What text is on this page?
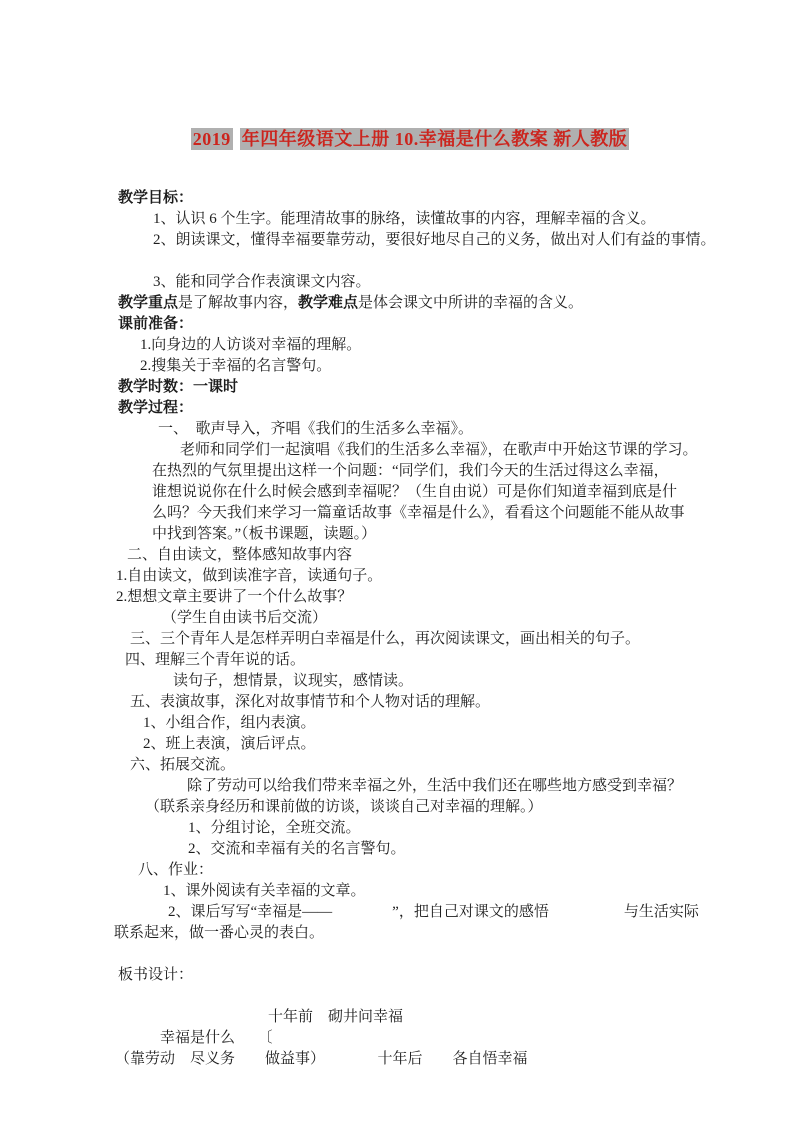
2019 年四年级语文上册 10.幸福是什么教案 新人教版

教学目标：
1、认识 6 个生字。能理清故事的脉络，读懂故事的内容，理解幸福的含义。
2、朗读课文，懂得幸福要靠劳动，要很好地尽自己的义务，做出对人们有益的事情。
3、能和同学合作表演课文内容。
教学重点是了解故事内容，教学难点是体会课文中所讲的幸福的含义。
课前准备：
1.向身边的人访谈对幸福的理解。
2.搜集关于幸福的名言警句。
教学时数：一课时
教学过程：
一、　歌声导入，齐唱《我们的生活多么幸福》。
老师和同学们一起演唱《我们的生活多么幸福》，在歌声中开始这节课的学习。
在热烈的气氛里提出这样一个问题：“同学们，我们今天的生活过得这么幸福，
谁想说说你在什么时候会感到幸福呢？（生自由说）可是你们知道幸福到底是什
么吗？今天我们来学习一篇童话故事《幸福是什么》，看看这个问题能不能从故事
中找到答案。”（板书课题，读题。）
二、自由读文，整体感知故事内容
1.自由读文，做到读准字音，读通句子。
2.想想文章主要讲了一个什么故事？
（学生自由读书后交流）
三、三个青年人是怎样弄明白幸福是什么，再次阅读课文，画出相关的句子。
四、理解三个青年说的话。
读句子，想情景，议现实，感情读。
五、表演故事，深化对故事情节和个人物对话的理解。
1、小组合作，组内表演。
2、班上表演，演后评点。
六、拓展交流。
除了劳动可以给我们带来幸福之外，生活中我们还在哪些地方感受到幸福？
（联系亲身经历和课前做的访谈，谈谈自己对幸福的理解。）
1、分组讨论，全班交流。
2、交流和幸福有关的名言警句。
八、作业：
1、课外阅读有关幸福的文章。
2、课后写写“幸福是——　　　　”，把自己对课文的感悟　　　　　与生活实际
联系起来，做一番心灵的表白。
板书设计：
十年前　砌井问幸福
幸福是什么　　〔
（靠劳动　尽义务　　做益事）　　　　十年后　　各自悟幸福
